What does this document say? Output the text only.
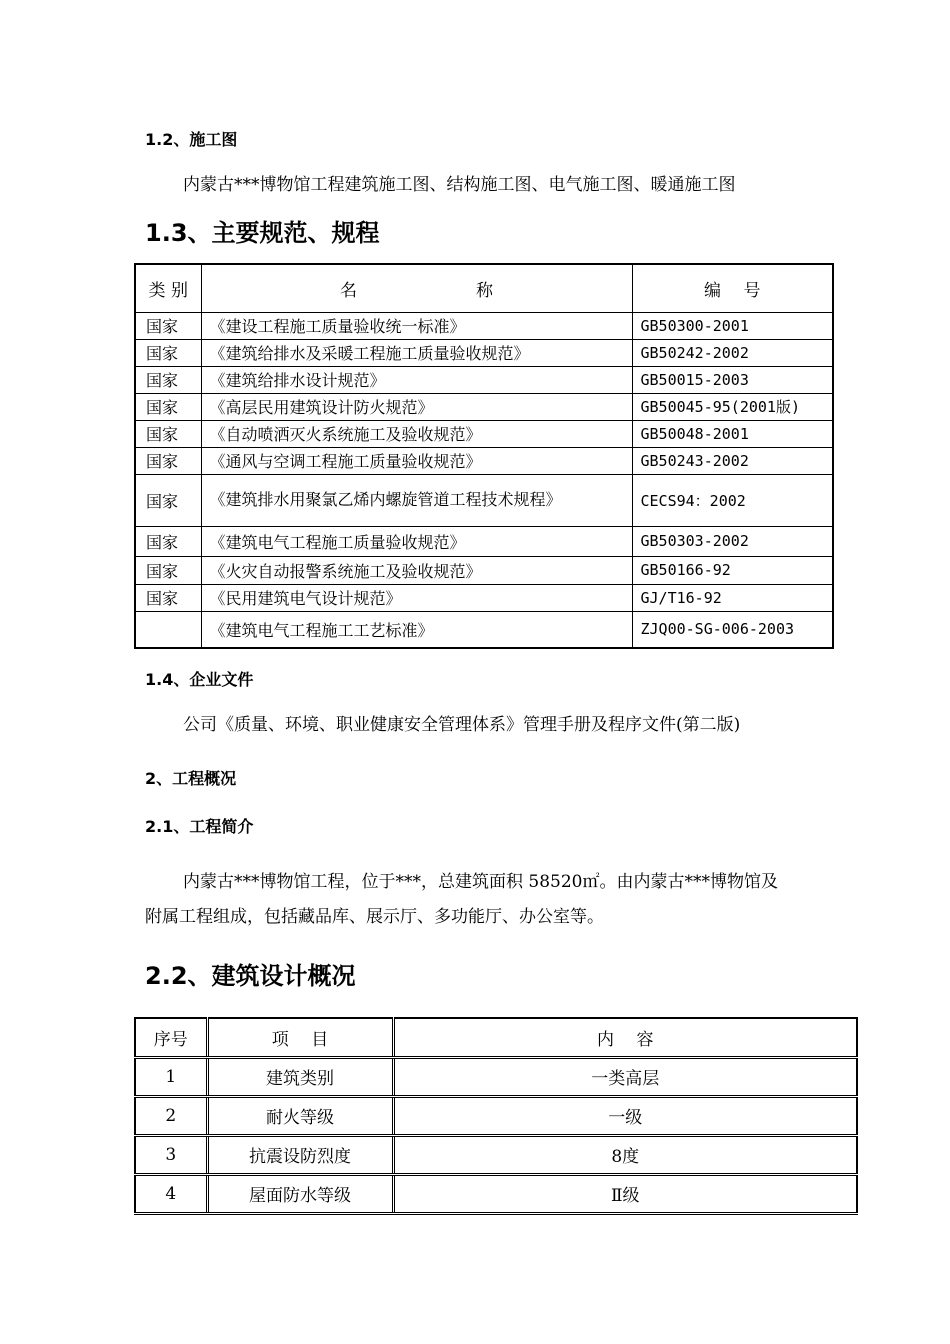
1.2、施工图
内蒙古***博物馆工程建筑施工图、结构施工图、电气施工图、暖通施工图
1.3、主要规范、规程
类 别	名　　　　　　　称	编　 号
国家	《建设工程施工质量验收统一标准》	GB50300-2001
国家	《建筑给排水及采暖工程施工质量验收规范》	GB50242-2002
国家	《建筑给排水设计规范》	GB50015-2003
国家	《高层民用建筑设计防火规范》	GB50045-95(2001版)
国家	《自动喷洒灭火系统施工及验收规范》	GB50048-2001
国家	《通风与空调工程施工质量验收规范》	GB50243-2002
国家	《建筑排水用聚氯乙烯内螺旋管道工程技术规程》	CECS94：2002
国家	《建筑电气工程施工质量验收规范》	GB50303-2002
国家	《火灾自动报警系统施工及验收规范》	GB50166-92
国家	《民用建筑电气设计规范》	GJ/T16-92
	《建筑电气工程施工工艺标准》	ZJQ00-SG-006-2003
1.4、企业文件
公司《质量、环境、职业健康安全管理体系》管理手册及程序文件(第二版)
2、工程概况
2.1、工程简介
内蒙古***博物馆工程，位于***，总建筑面积 58520㎡。由内蒙古***博物馆及
附属工程组成，包括藏品库、展示厅、多功能厅、办公室等。
2.2、建筑设计概况
序号	项　 目	内　 容
1	建筑类别	一类高层
2	耐火等级	一级
3	抗震设防烈度	8度
4	屋面防水等级	Ⅱ级
